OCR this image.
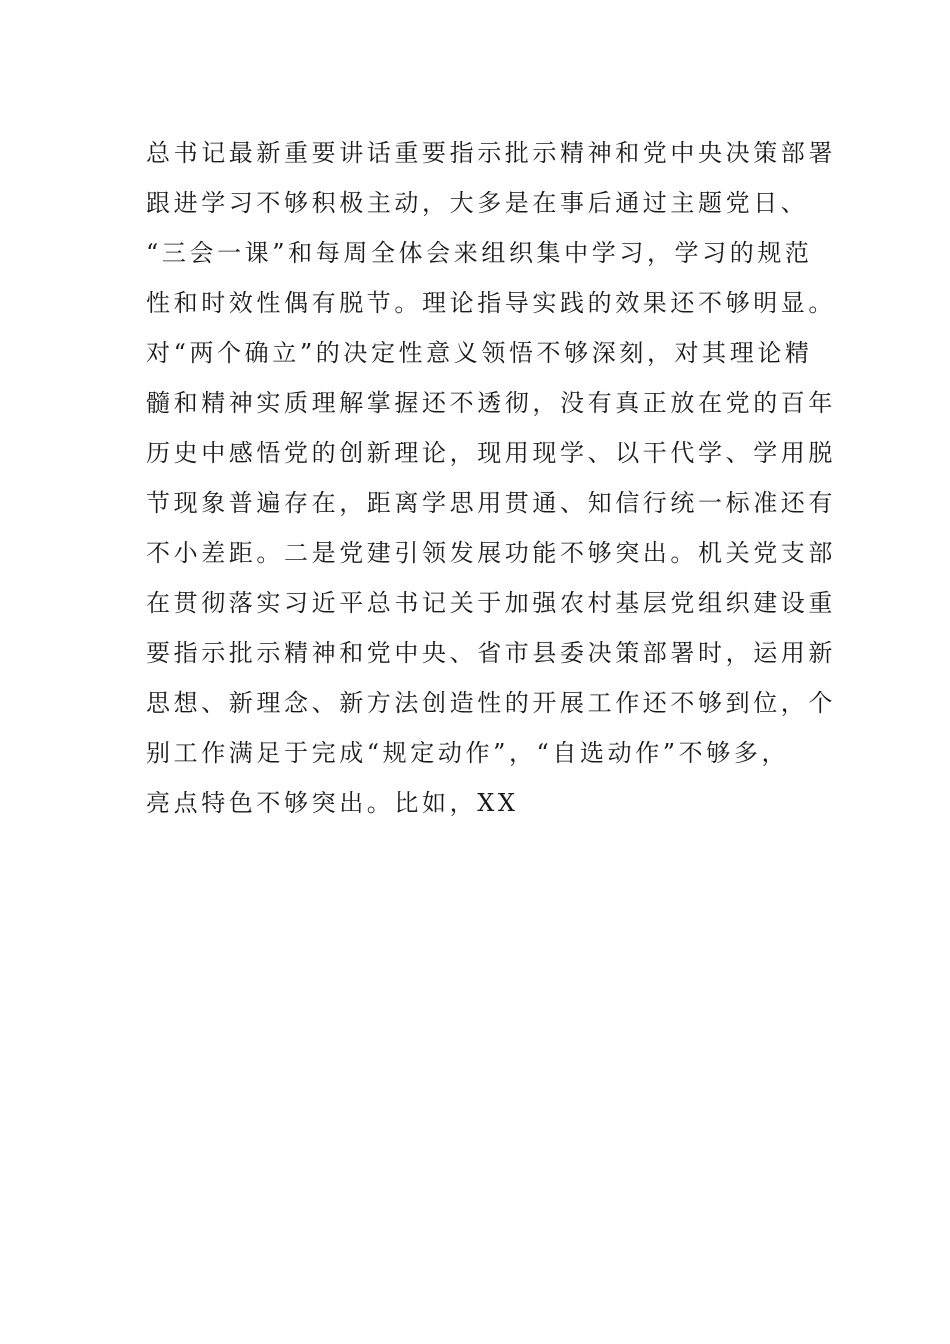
总书记最新重要讲话重要指示批示精神和党中央决策部署
跟进学习不够积极主动，大多是在事后通过主题党日、
“三会一课”和每周全体会来组织集中学习，学习的规范
性和时效性偶有脱节。理论指导实践的效果还不够明显。
对“两个确立”的决定性意义领悟不够深刻，对其理论精
髓和精神实质理解掌握还不透彻，没有真正放在党的百年
历史中感悟党的创新理论，现用现学、以干代学、学用脱
节现象普遍存在，距离学思用贯通、知信行统一标准还有
不小差距。二是党建引领发展功能不够突出。机关党支部
在贯彻落实习近平总书记关于加强农村基层党组织建设重
要指示批示精神和党中央、省市县委决策部署时，运用新
思想、新理念、新方法创造性的开展工作还不够到位，个
别工作满足于完成“规定动作”，“自选动作”不够多，
亮点特色不够突出。比如，XX
